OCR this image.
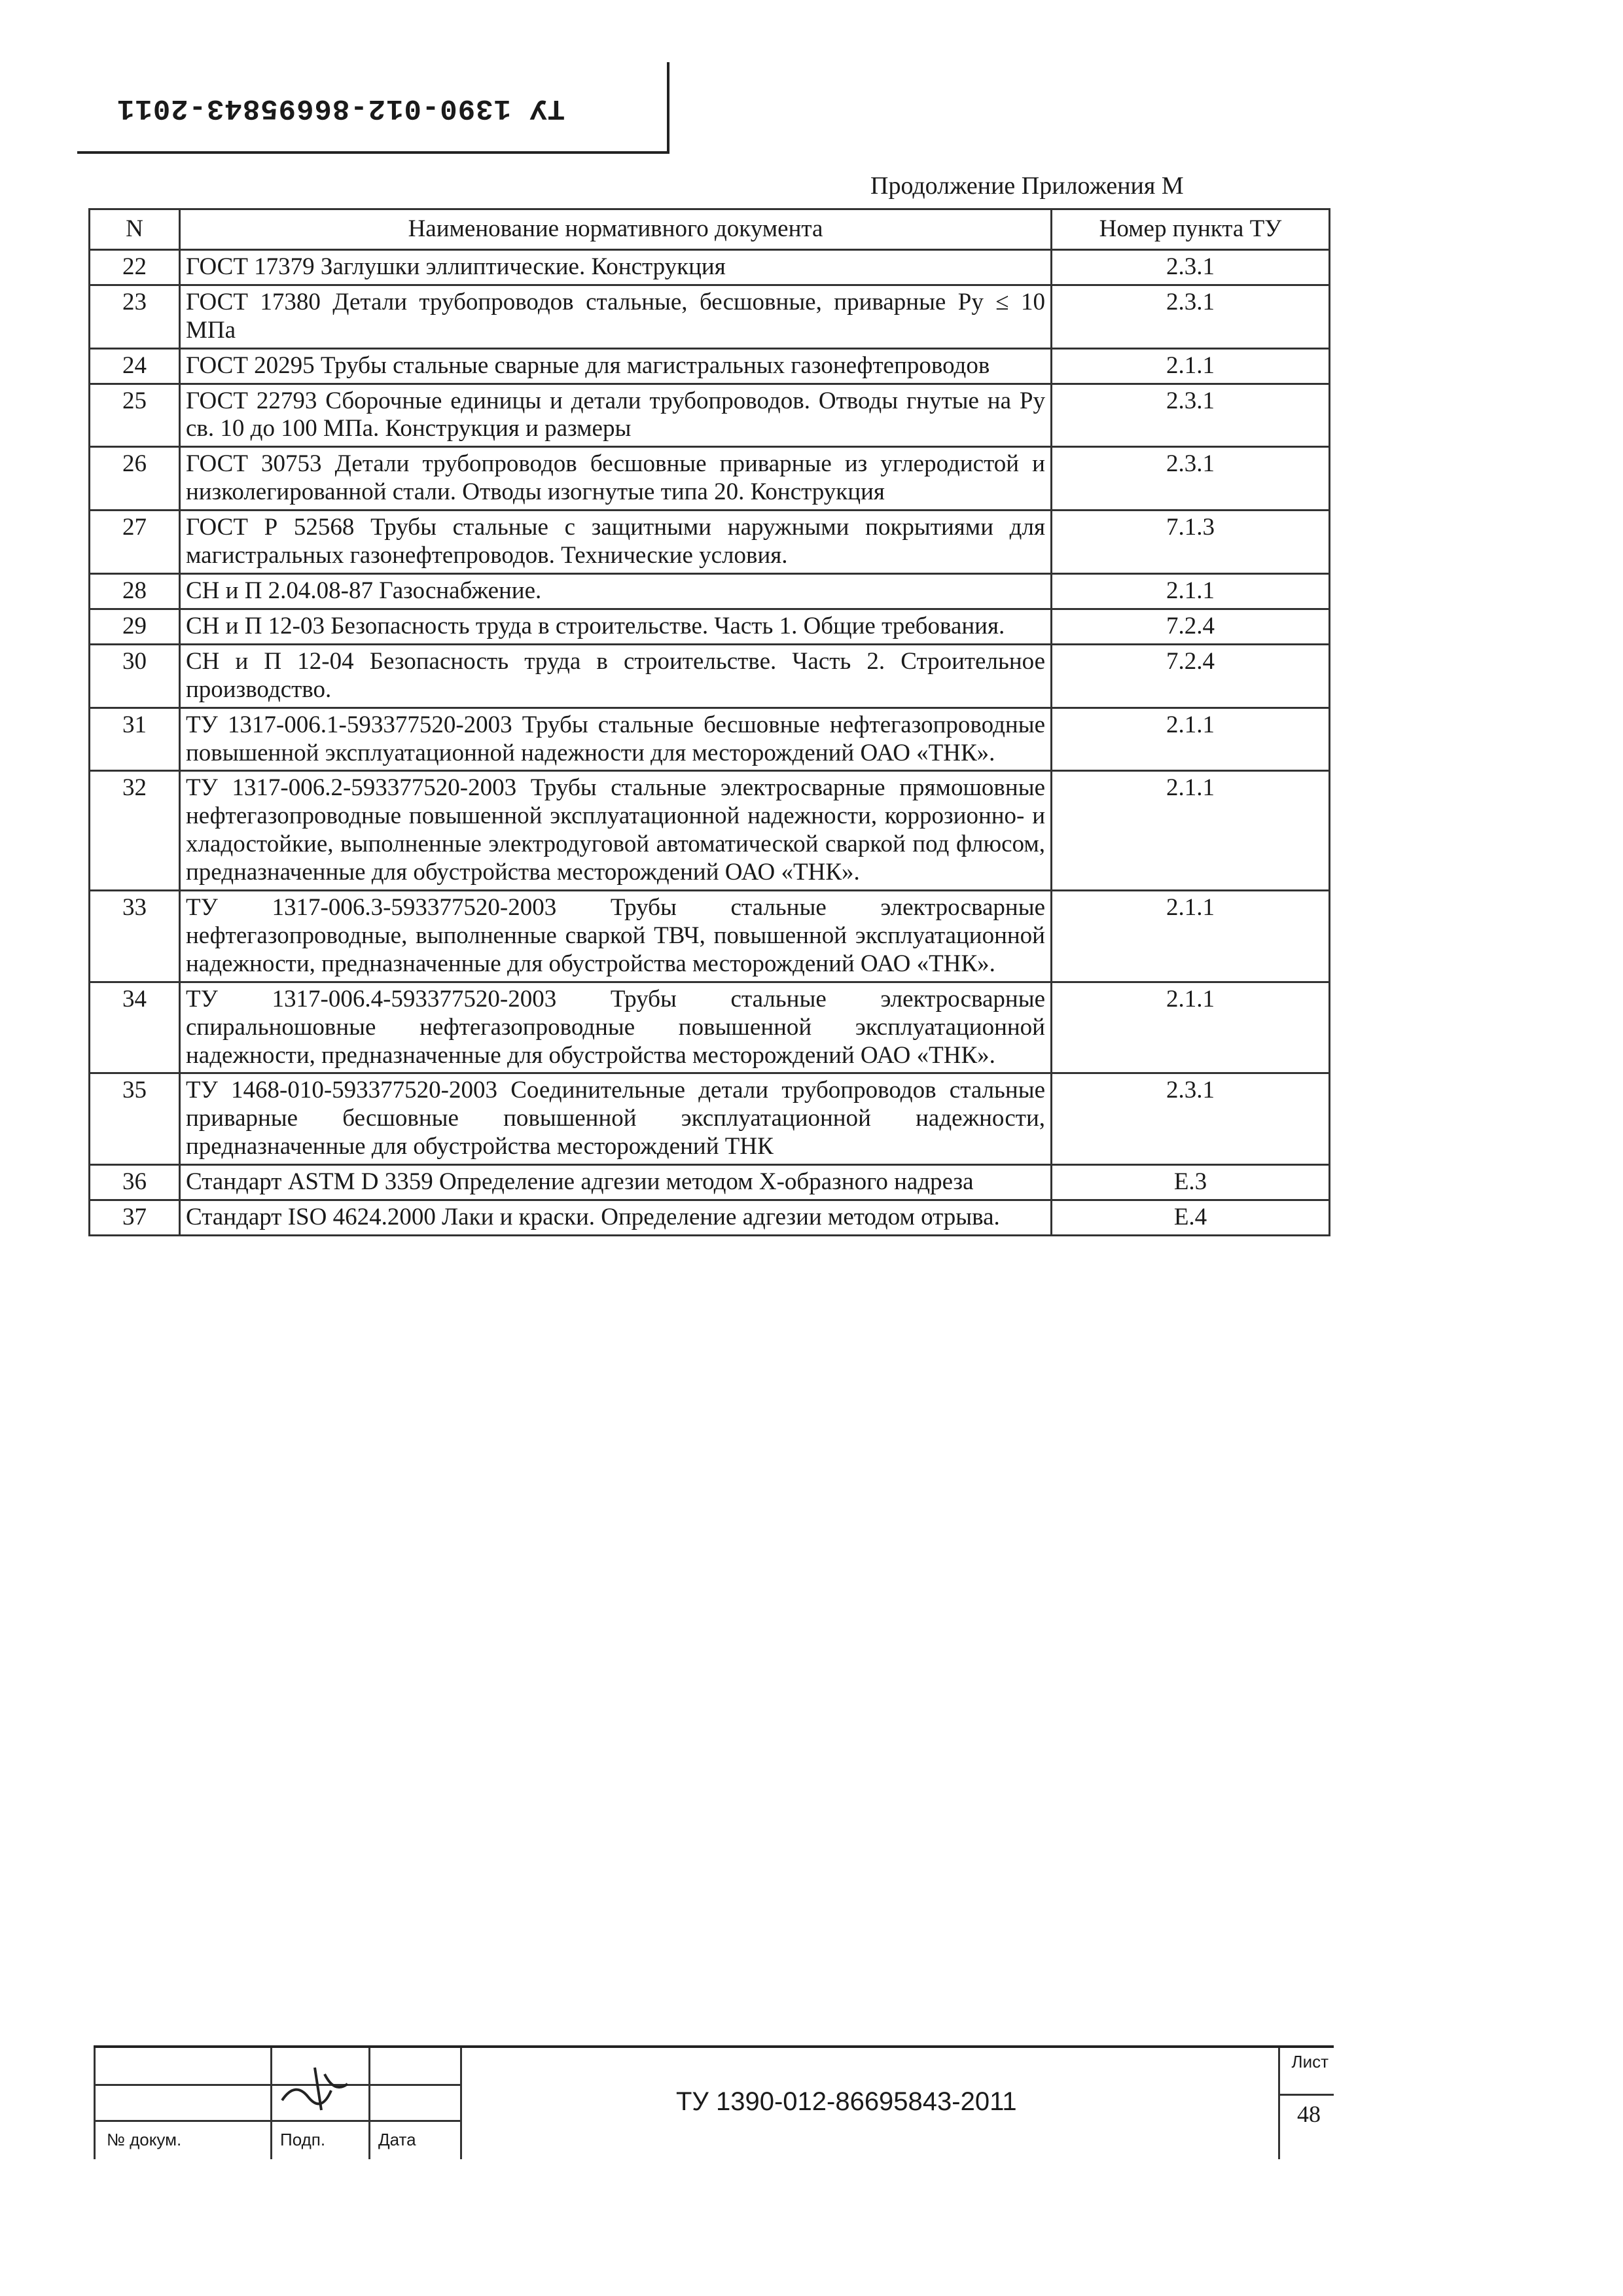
ТУ 1390-012-86695843-2011
Продолжение Приложения М
N	Наименование нормативного документа	Номер пункта ТУ
22	ГОСТ 17379 Заглушки эллиптические. Конструкция	2.3.1
23	ГОСТ 17380 Детали трубопроводов стальные, бесшовные, приварные Pу ≤ 10 МПа	2.3.1
24	ГОСТ 20295 Трубы стальные сварные для магистральных газонефтепроводов	2.1.1
25	ГОСТ 22793 Сборочные единицы и детали трубопроводов. Отводы гнутые на Pу св. 10 до 100 МПа. Конструкция и размеры	2.3.1
26	ГОСТ 30753 Детали трубопроводов бесшовные приварные из углеродистой и низколегированной стали. Отводы изогнутые типа 20. Конструкция	2.3.1
27	ГОСТ Р 52568 Трубы стальные с защитными наружными покрытиями для магистральных газонефтепроводов. Технические условия.	7.1.3
28	СН и П 2.04.08-87 Газоснабжение.	2.1.1
29	СН и П 12-03 Безопасность труда в строительстве. Часть 1. Общие требования.	7.2.4
30	СН и П 12-04 Безопасность труда в строительстве. Часть 2. Строительное производство.	7.2.4
31	ТУ 1317-006.1-593377520-2003 Трубы стальные бесшовные нефтегазопроводные повышенной эксплуатационной надежности для месторождений ОАО «ТНК».	2.1.1
32	ТУ 1317-006.2-593377520-2003 Трубы стальные электросварные прямошовные нефтегазопроводные повышенной эксплуатационной надежности, коррозионно- и хладостойкие, выполненные электродуговой автоматической сваркой под флюсом, предназначенные для обустройства месторождений ОАО «ТНК».	2.1.1
33	ТУ 1317-006.3-593377520-2003 Трубы стальные электросварные нефтегазопроводные, выполненные сваркой ТВЧ, повышенной эксплуатационной надежности, предназначенные для обустройства месторождений ОАО «ТНК».	2.1.1
34	ТУ 1317-006.4-593377520-2003 Трубы стальные электросварные спиральношовные нефтегазопроводные повышенной эксплуатационной надежности, предназначенные для обустройства месторождений ОАО «ТНК».	2.1.1
35	ТУ 1468-010-593377520-2003 Соединительные детали трубопроводов стальные приварные бесшовные повышенной эксплуатационной надежности, предназначенные для обустройства месторождений ТНК	2.3.1
36	Стандарт ASTM D 3359 Определение адгезии методом X-образного надреза	Е.3
37	Стандарт ISO 4624.2000 Лаки и краски. Определение адгезии методом отрыва.	Е.4
№ докум.	Подп.	Дата
ТУ 1390-012-86695843-2011
Лист
48
